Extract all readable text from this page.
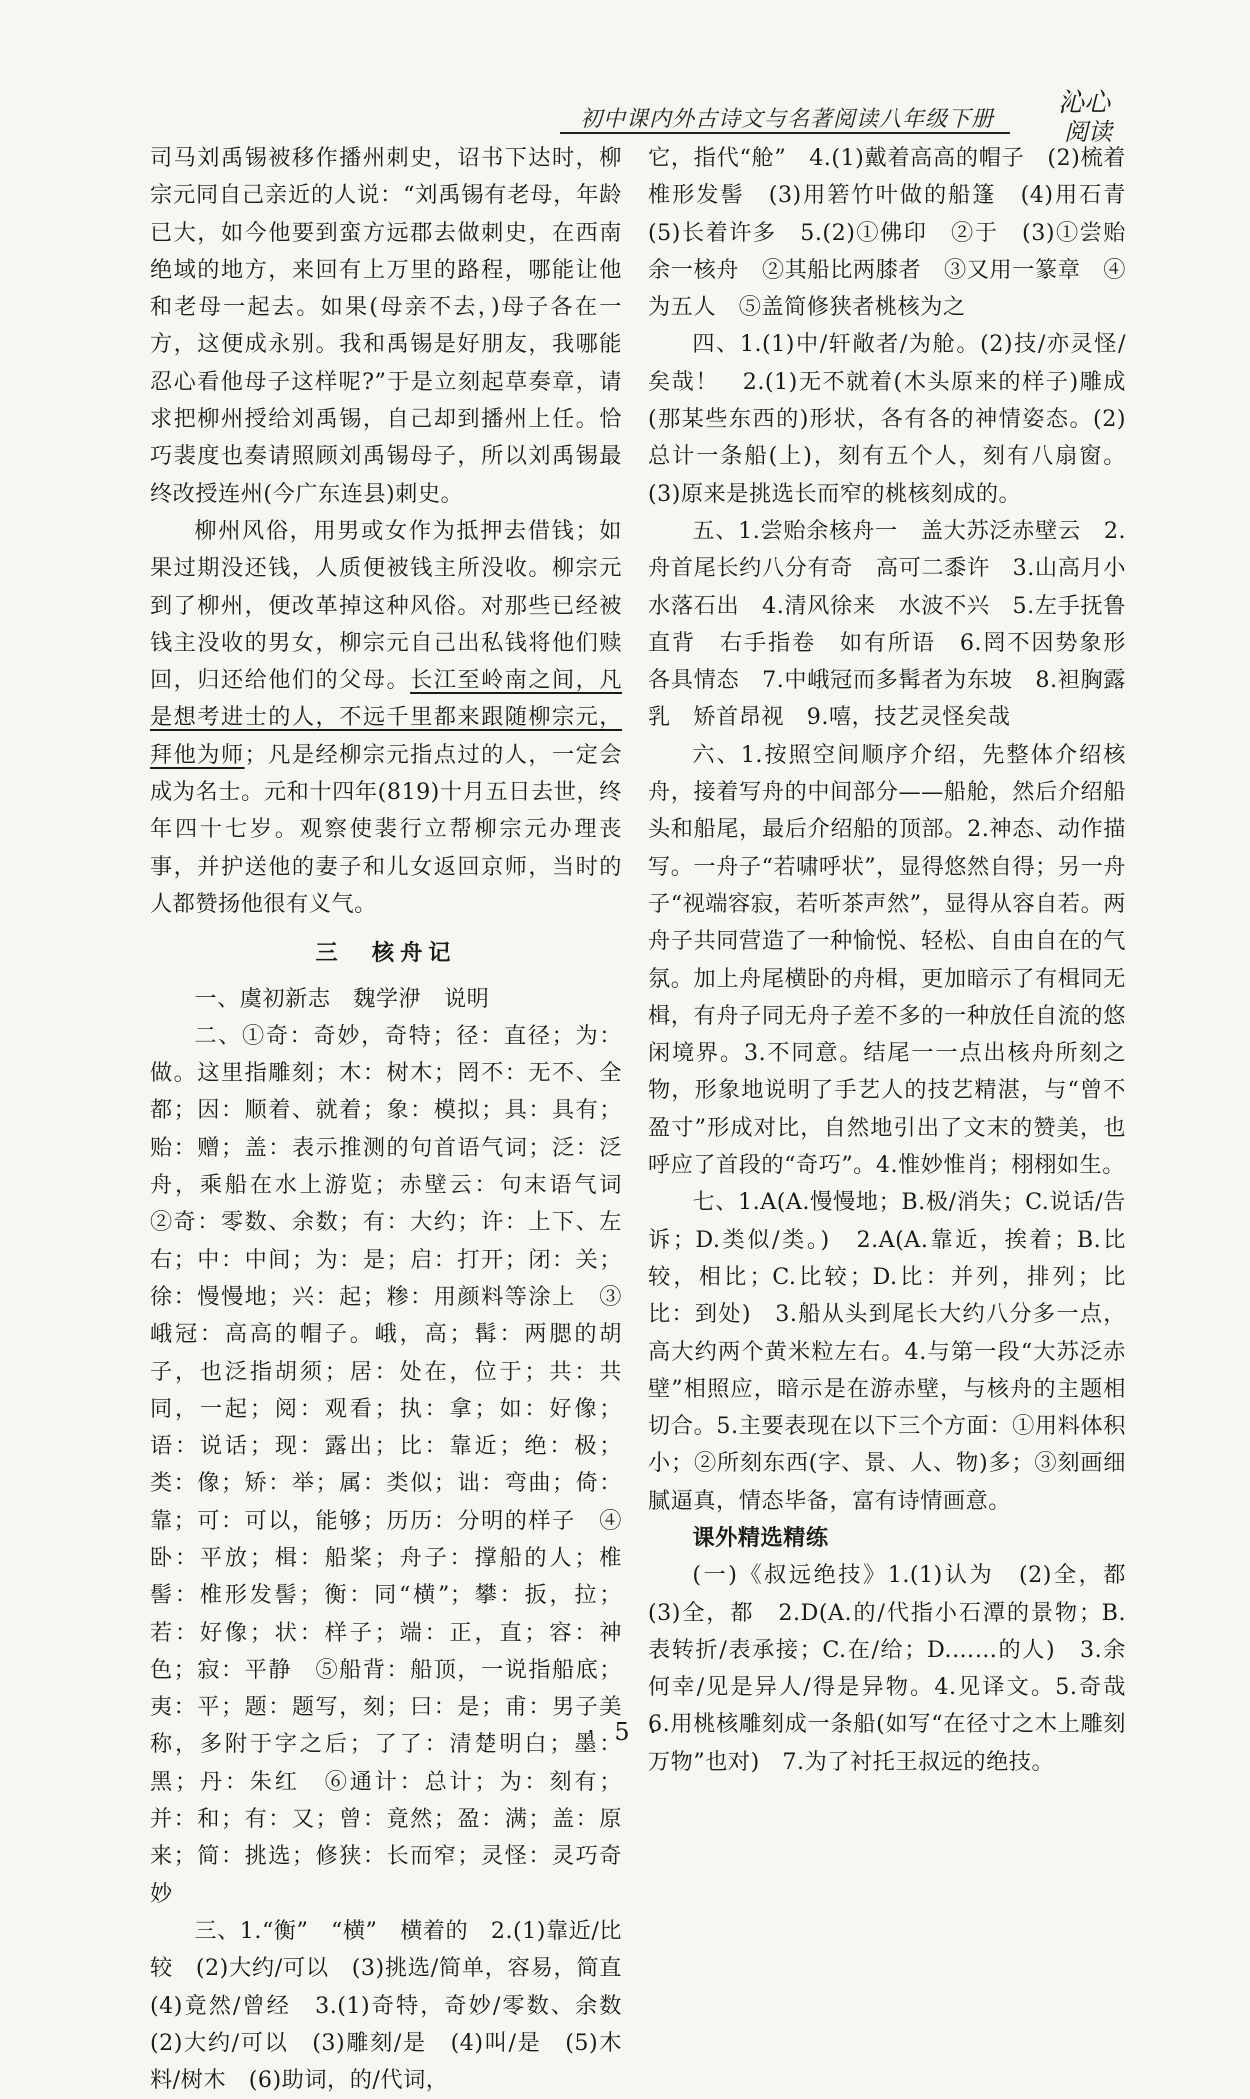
初中课内外古诗文与名著阅读八年级下册
沁心
阅读

司马刘禹锡被移作播州刺史，诏书下达时，柳宗元同自己亲近的人说：“刘禹锡有老母，年龄已大，如今他要到蛮方远郡去做刺史，在西南绝域的地方，来回有上万里的路程，哪能让他和老母一起去。如果(母亲不去，)母子各在一方，这便成永别。我和禹锡是好朋友，我哪能忍心看他母子这样呢?”于是立刻起草奏章，请求把柳州授给刘禹锡，自己却到播州上任。恰巧裴度也奏请照顾刘禹锡母子，所以刘禹锡最终改授连州(今广东连县)刺史。

柳州风俗，用男或女作为抵押去借钱；如果过期没还钱，人质便被钱主所没收。柳宗元到了柳州，便改革掉这种风俗。对那些已经被钱主没收的男女，柳宗元自己出私钱将他们赎回，归还给他们的父母。长江至岭南之间，凡是想考进士的人，不远千里都来跟随柳宗元，拜他为师；凡是经柳宗元指点过的人，一定会成为名士。元和十四年(819)十月五日去世，终年四十七岁。观察使裴行立帮柳宗元办理丧事，并护送他的妻子和儿女返回京师，当时的人都赞扬他很有义气。

三　核舟记

一、虞初新志　魏学洢　说明

二、①奇：奇妙，奇特；径：直径；为：做。这里指雕刻；木：树木；罔不：无不、全都；因：顺着、就着；象：模拟；具：具有；贻：赠；盖：表示推测的句首语气词；泛：泛舟，乘船在水上游览；赤壁云：句末语气词　②奇：零数、余数；有：大约；许：上下、左右；中：中间；为：是；启：打开；闭：关；徐：慢慢地；兴：起；糁：用颜料等涂上　③峨冠：高高的帽子。峨，高；髯：两腮的胡子，也泛指胡须；居：处在，位于；共：共同，一起；阅：观看；执：拿；如：好像；语：说话；现：露出；比：靠近；绝：极；类：像；矫：举；属：类似；诎：弯曲；倚：靠；可：可以，能够；历历：分明的样子　④卧：平放；楫：船桨；舟子：撑船的人；椎髻：椎形发髻；衡：同“横”；攀：扳，拉；若：好像；状：样子；端：正，直；容：神色；寂：平静　⑤船背：船顶，一说指船底；夷：平；题：题写，刻；曰：是；甫：男子美称，多附于字之后；了了：清楚明白；墨：黑；丹：朱红　⑥通计：总计；为：刻有；并：和；有：又；曾：竟然；盈：满；盖：原来；简：挑选；修狭：长而窄；灵怪：灵巧奇妙

三、1.“衡”　“横”　横着的　2.(1)靠近/比较　(2)大约/可以　(3)挑选/简单，容易，简直　(4)竟然/曾经　3.(1)奇特，奇妙/零数、余数　(2)大约/可以　(3)雕刻/是　(4)叫/是　(5)木料/树木　(6)助词，的/代词，

它，指代“舱”　4.(1)戴着高高的帽子　(2)梳着椎形发髻　(3)用箬竹叶做的船篷　(4)用石青　(5)长着许多　5.(2)①佛印　②于　(3)①尝贻余一核舟　②其船比两膝者　③又用一篆章　④为五人　⑤盖简修狭者桃核为之

四、1.(1)中/轩敞者/为舱。(2)技/亦灵怪/矣哉！　2.(1)无不就着(木头原来的样子)雕成(那某些东西的)形状，各有各的神情姿态。(2)总计一条船(上)，刻有五个人，刻有八扇窗。(3)原来是挑选长而窄的桃核刻成的。

五、1.尝贻余核舟一　盖大苏泛赤壁云　2.舟首尾长约八分有奇　高可二黍许　3.山高月小　水落石出　4.清风徐来　水波不兴　5.左手抚鲁直背　右手指卷　如有所语　6.罔不因势象形　各具情态　7.中峨冠而多髯者为东坡　8.袒胸露乳　矫首昂视　9.嘻，技艺灵怪矣哉

六、1.按照空间顺序介绍，先整体介绍核舟，接着写舟的中间部分——船舱，然后介绍船头和船尾，最后介绍船的顶部。2.神态、动作描写。一舟子“若啸呼状”，显得悠然自得；另一舟子“视端容寂，若听茶声然”，显得从容自若。两舟子共同营造了一种愉悦、轻松、自由自在的气氛。加上舟尾横卧的舟楫，更加暗示了有楫同无楫，有舟子同无舟子差不多的一种放任自流的悠闲境界。3.不同意。结尾一一点出核舟所刻之物，形象地说明了手艺人的技艺精湛，与“曾不盈寸”形成对比，自然地引出了文末的赞美，也呼应了首段的“奇巧”。4.惟妙惟肖；栩栩如生。

七、1.A(A.慢慢地；B.极/消失；C.说话/告诉；D.类似/类。)　2.A(A.靠近，挨着；B.比较，相比；C.比较；D.比：并列，排列；比比：到处)　3.船从头到尾长大约八分多一点，高大约两个黄米粒左右。4.与第一段“大苏泛赤壁”相照应，暗示是在游赤壁，与核舟的主题相切合。5.主要表现在以下三个方面：①用料体积小；②所刻东西(字、景、人、物)多；③刻画细腻逼真，情态毕备，富有诗情画意。

课外精选精练

(一)《叔远绝技》1.(1)认为　(2)全，都　(3)全，都　2.D(A.的/代指小石潭的景物；B.表转折/表承接；C.在/给；D.……的人)　3.余何幸/见是异人/得是异物。4.见译文。5.奇哉　6.用桃核雕刻成一条船(如写“在径寸之木上雕刻万物”也对)　7.为了衬托王叔远的绝技。

· 5 ·
